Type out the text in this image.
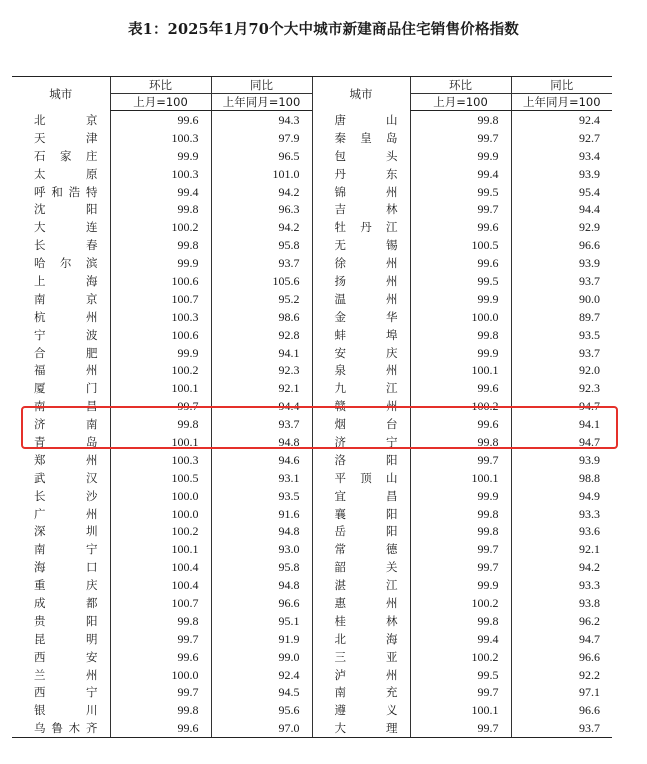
表1：2025年1月70个大中城市新建商品住宅销售价格指数
城市	环比	同比	城市	环比	同比
	上月=100	上年同月=100		上月=100	上年同月=100
北　京	99.6	94.3	唐　山	99.8	92.4
天　津	100.3	97.9	秦皇岛	99.7	92.7
石家庄	99.9	96.5	包　头	99.9	93.4
太　原	100.3	101.0	丹　东	99.4	93.9
呼和浩特	99.4	94.2	锦　州	99.5	95.4
沈　阳	99.8	96.3	吉　林	99.7	94.4
大　连	100.2	94.2	牡丹江	99.6	92.9
长　春	99.8	95.8	无　锡	100.5	96.6
哈尔滨	99.9	93.7	徐　州	99.6	93.9
上　海	100.6	105.6	扬　州	99.5	93.7
南　京	100.7	95.2	温　州	99.9	90.0
杭　州	100.3	98.6	金　华	100.0	89.7
宁　波	100.6	92.8	蚌　埠	99.8	93.5
合　肥	99.9	94.1	安　庆	99.9	93.7
福　州	100.2	92.3	泉　州	100.1	92.0
厦　门	100.1	92.1	九　江	99.6	92.3
南　昌	99.7	94.4	赣　州	100.2	94.7
济　南	99.8	93.7	烟　台	99.6	94.1
青　岛	100.1	94.8	济　宁	99.8	94.7
郑　州	100.3	94.6	洛　阳	99.7	93.9
武　汉	100.5	93.1	平顶山	100.1	98.8
长　沙	100.0	93.5	宜　昌	99.9	94.9
广　州	100.0	91.6	襄　阳	99.8	93.3
深　圳	100.2	94.8	岳　阳	99.8	93.6
南　宁	100.1	93.0	常　德	99.7	92.1
海　口	100.4	95.8	韶　关	99.7	94.2
重　庆	100.4	94.8	湛　江	99.9	93.3
成　都	100.7	96.6	惠　州	100.2	93.8
贵　阳	99.8	95.1	桂　林	99.8	96.2
昆　明	99.7	91.9	北　海	99.4	94.7
西　安	99.6	99.0	三　亚	100.2	96.6
兰　州	100.0	92.4	泸　州	99.5	92.2
西　宁	99.7	94.5	南　充	99.7	97.1
银　川	99.8	95.6	遵　义	100.1	96.6
乌鲁木齐	99.6	97.0	大　理	99.7	93.7
